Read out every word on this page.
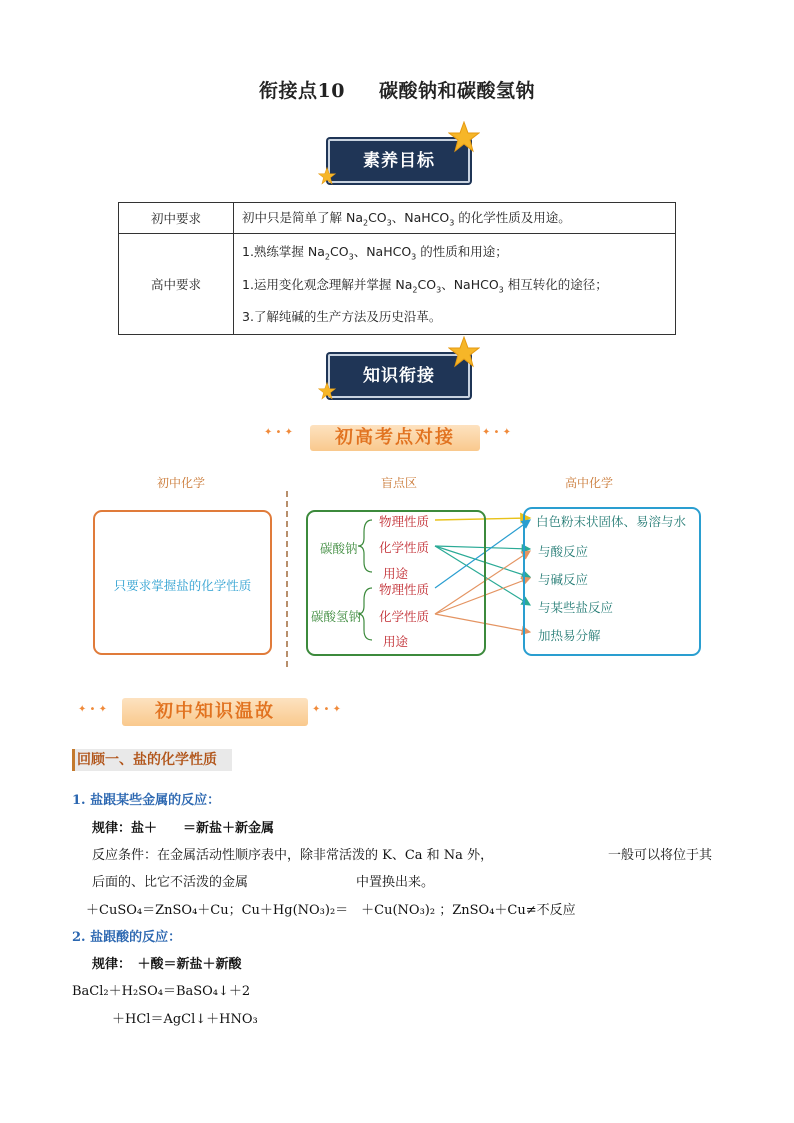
衔接点10 碳酸钠和碳酸氢钠
素养目标
初中要求	初中只是简单了解 $Na_2CO_3$、NaHCO$_3$ 的化学性质及用途。
高中要求	1.熟练掌握 $Na_2CO_3$、NaHCO$_3$ 的性质和用途；
1.运用变化观念理解并掌握 $Na_2CO_3$、NaHCO$_3$ 相互转化的途径；
3.了解纯碱的生产方法及历史沿革。
知识衔接
✦ • ✦	初高考点对接	✦ • ✦
初中化学	盲点区	高中化学
只要求掌握盐的化学性质
碳酸钠
碳酸氢钠
物理性质
化学性质
用途
物理性质
化学性质
用途
白色粉末状固体、易溶与水
与酸反应
与碱反应
与某些盐反应
加热易分解
✦ • ✦	初中知识温故	✦ • ✦
回顾一、盐的化学性质
1. 盐跟某些金属的反应：
规律：盐＋　　＝新盐＋新金属
反应条件：在金属活动性顺序表中，除非常活泼的 K、Ca 和 Na 外，	一般可以将位于其
后面的、比它不活泼的金属	中置换出来。
＋CuSO₄＝ZnSO₄＋Cu；Cu＋Hg(NO₃)₂＝　＋Cu(NO₃)₂ ；ZnSO₄＋Cu≠不反应
2. 盐跟酸的反应：
规律：　＋酸＝新盐＋新酸
BaCl₂＋H₂SO₄＝BaSO₄↓＋2
＋HCl＝AgCl↓＋HNO₃
